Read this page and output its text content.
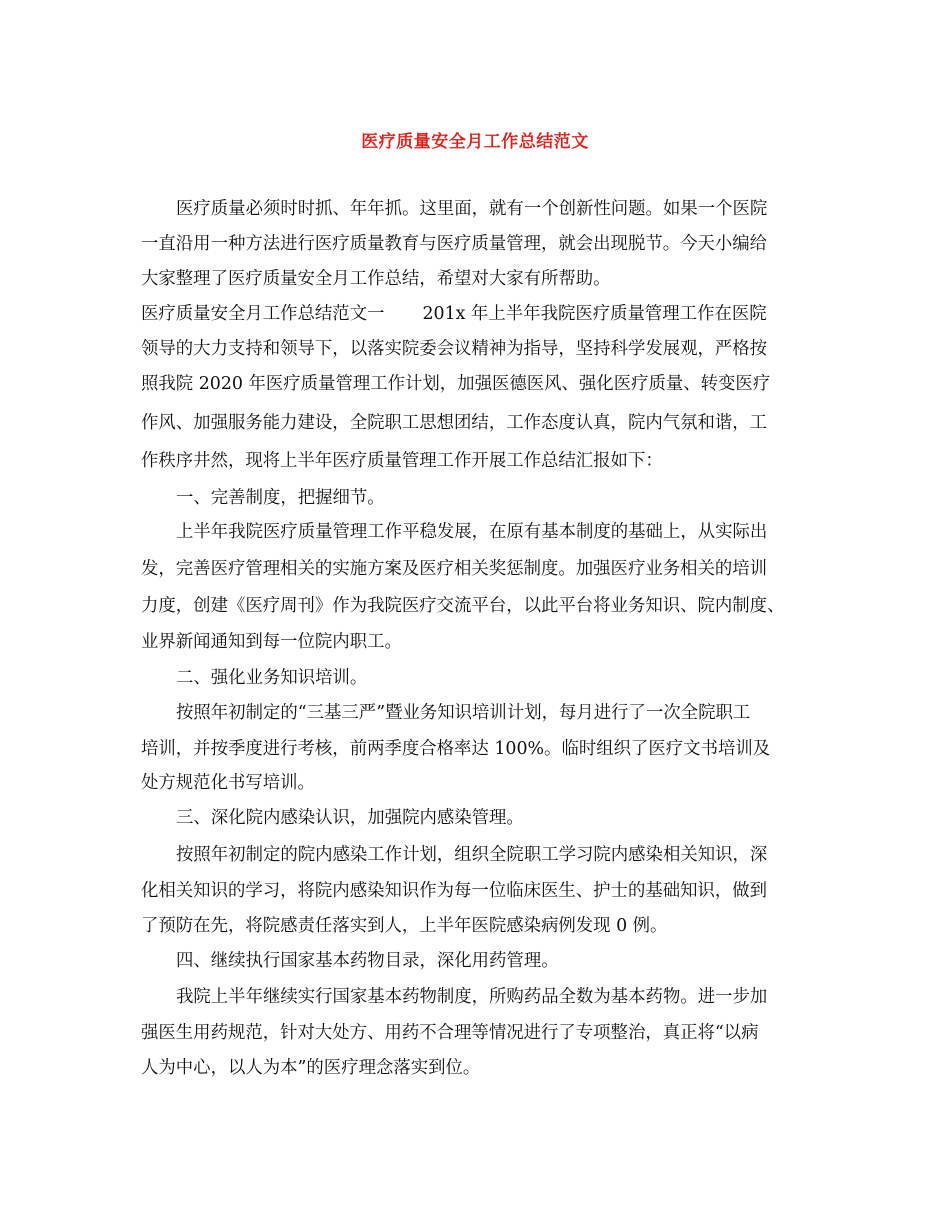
医疗质量安全月工作总结范文
医疗质量必须时时抓、年年抓。这里面，就有一个创新性问题。如果一个医院
一直沿用一种方法进行医疗质量教育与医疗质量管理，就会出现脱节。今天小编给
大家整理了医疗质量安全月工作总结，希望对大家有所帮助。
医疗质量安全月工作总结范文一 201x 年上半年我院医疗质量管理工作在医院
领导的大力支持和领导下，以落实院委会议精神为指导，坚持科学发展观，严格按
照我院 2020 年医疗质量管理工作计划，加强医德医风、强化医疗质量、转变医疗
作风、加强服务能力建设，全院职工思想团结，工作态度认真，院内气氛和谐，工
作秩序井然，现将上半年医疗质量管理工作开展工作总结汇报如下：
一、完善制度，把握细节。
上半年我院医疗质量管理工作平稳发展，在原有基本制度的基础上，从实际出
发，完善医疗管理相关的实施方案及医疗相关奖惩制度。加强医疗业务相关的培训
力度，创建《医疗周刊》作为我院医疗交流平台，以此平台将业务知识、院内制度、
业界新闻通知到每一位院内职工。
二、强化业务知识培训。
按照年初制定的“三基三严”暨业务知识培训计划，每月进行了一次全院职工
培训，并按季度进行考核，前两季度合格率达 100%。临时组织了医疗文书培训及
处方规范化书写培训。
三、深化院内感染认识，加强院内感染管理。
按照年初制定的院内感染工作计划，组织全院职工学习院内感染相关知识，深
化相关知识的学习，将院内感染知识作为每一位临床医生、护士的基础知识，做到
了预防在先，将院感责任落实到人，上半年医院感染病例发现 0 例。
四、继续执行国家基本药物目录，深化用药管理。
我院上半年继续实行国家基本药物制度，所购药品全数为基本药物。进一步加
强医生用药规范，针对大处方、用药不合理等情况进行了专项整治，真正将“以病
人为中心，以人为本”的医疗理念落实到位。
